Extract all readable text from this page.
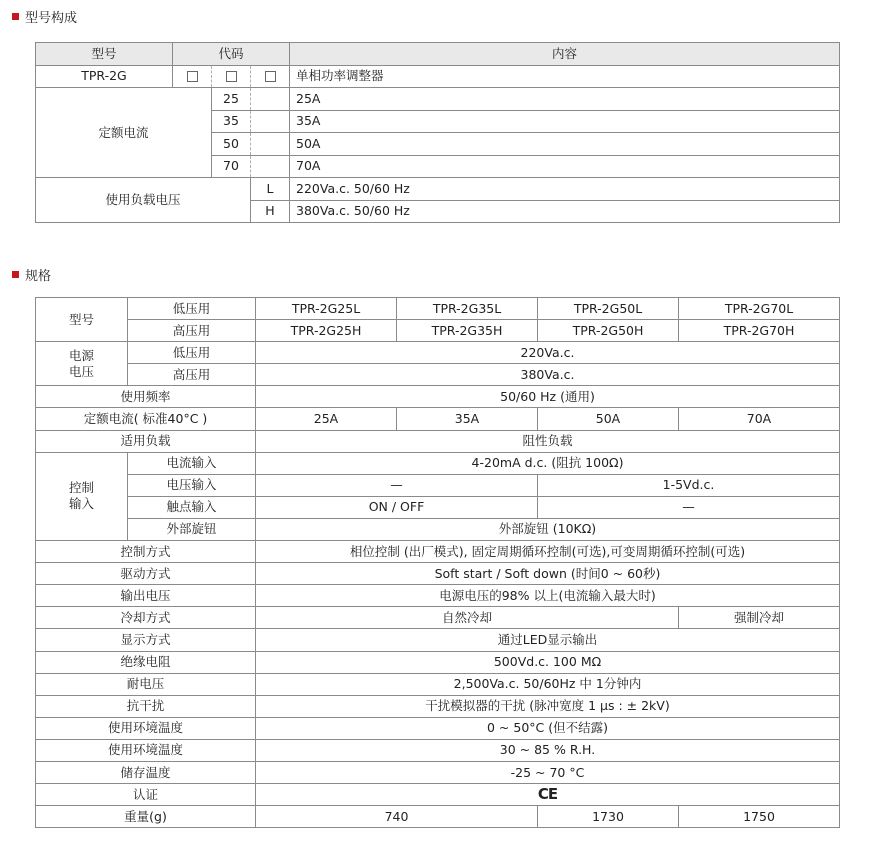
型号构成
型号	代码			内容
TPR-2G				单相功率调整器
定额电流		25		25A
		35		35A
		50		50A
		70		70A
使用负载电压			L	220Va.c. 50/60 Hz
			H	380Va.c. 50/60 Hz
规格
型号	低压用	TPR-2G25L	TPR-2G35L	TPR-2G50L	TPR-2G70L
	高压用	TPR-2G25H	TPR-2G35H	TPR-2G50H	TPR-2G70H
电源
电压	低压用	220Va.c.			
	高压用	380Va.c.			
使用频率		50/60 Hz (通用)			
定额电流( 标准40°C )		25A	35A	50A	70A
适用负载		阻性负载			
控制
输入	电流输入	4-20mA d.c. (阻抗 100Ω)			
	电压输入	—		1-5Vd.c.	
	触点输入	ON / OFF		—	
	外部旋钮	外部旋钮 (10KΩ)			
控制方式		相位控制 (出厂模式), 固定周期循环控制(可选),可变周期循环控制(可选)			
驱动方式		Soft start / Soft down (时间0 ~ 60秒)			
输出电压		电源电压的98% 以上(电流输入最大时)			
冷却方式		自然冷却			强制冷却
显示方式		通过LED显示输出			
绝缘电阻		500Vd.c. 100 MΩ			
耐电压		2,500Va.c. 50/60Hz 中 1分钟内			
抗干扰		干扰模拟器的干扰 (脉冲宽度 1 μs : ± 2kV)			
使用环境温度		0 ~ 50°C (但不结露)			
使用环境温度		30 ~ 85 % R.H.			
储存温度		-25 ~ 70 °C			
认证		CE			
重量(g)		740		1730	1750
